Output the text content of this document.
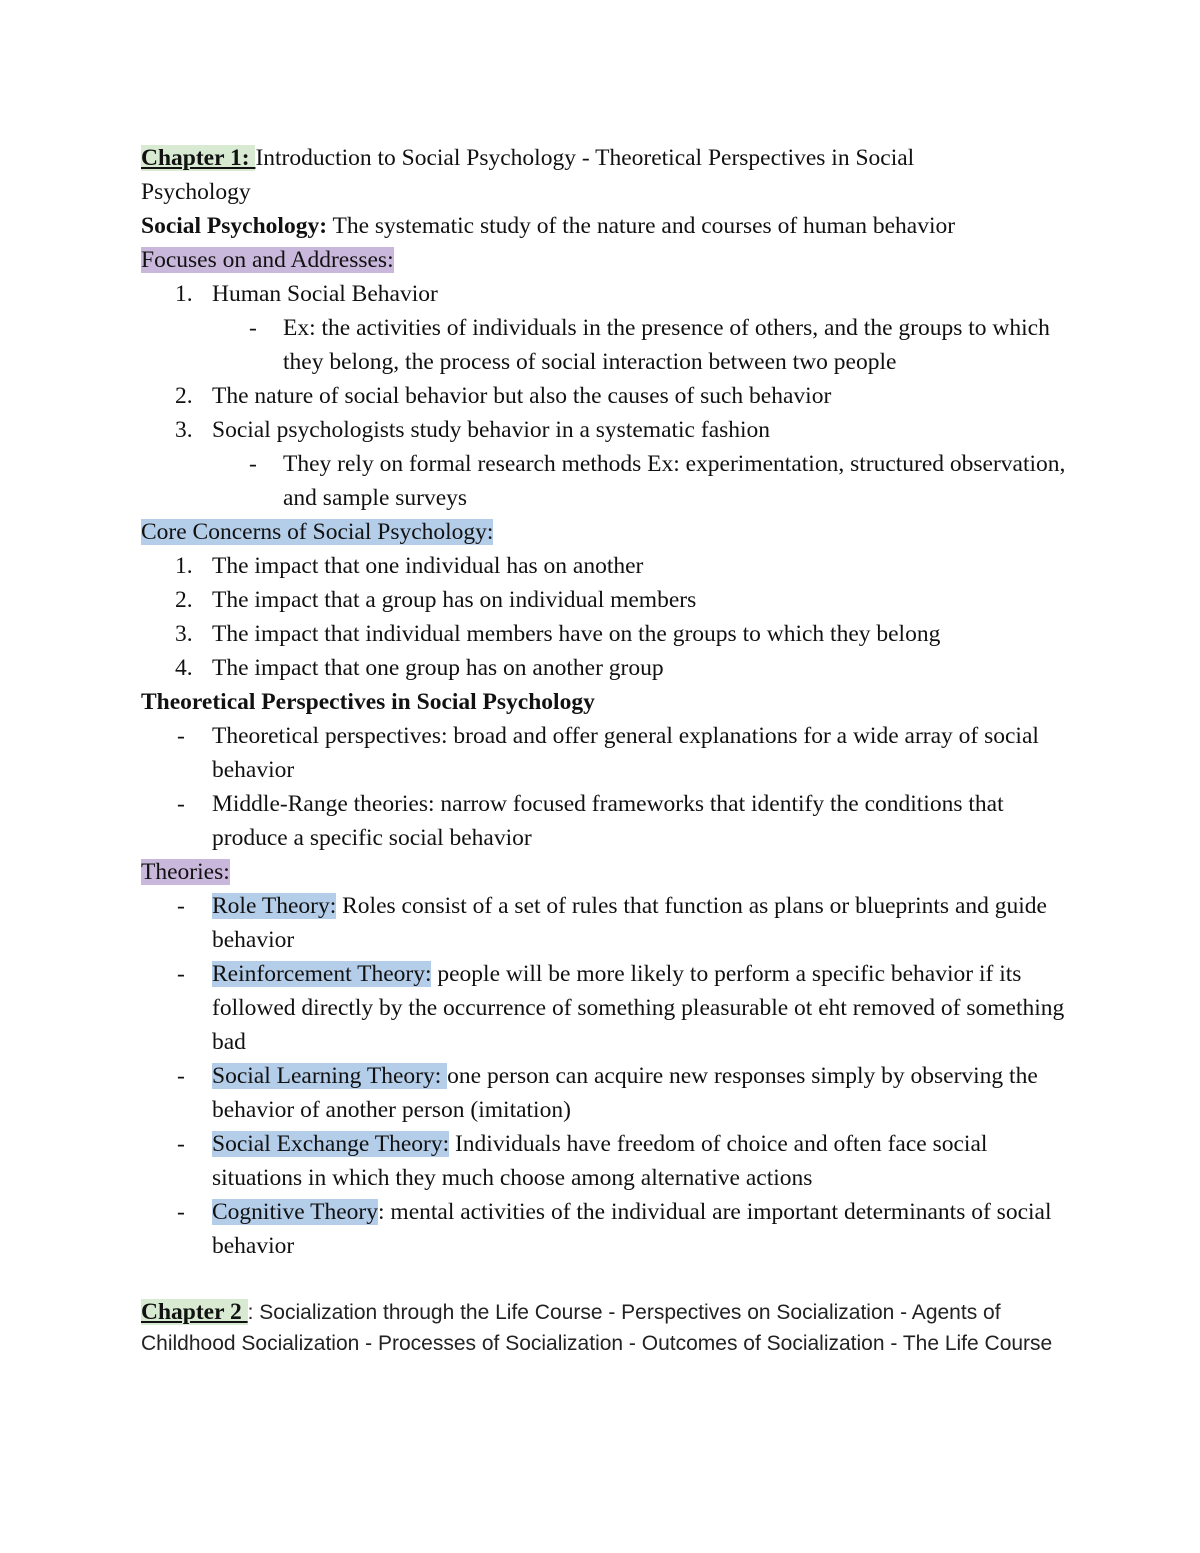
Chapter 1: Introduction to Social Psychology - Theoretical Perspectives in Social

Psychology

Social Psychology: The systematic study of the nature and courses of human behavior

Focuses on and Addresses:

1. Human Social Behavior

- Ex: the activities of individuals in the presence of others, and the groups to which they belong, the process of social interaction between two people

2. The nature of social behavior but also the causes of such behavior

3. Social psychologists study behavior in a systematic fashion

- They rely on formal research methods Ex: experimentation, structured observation, and sample surveys

Core Concerns of Social Psychology:

1. The impact that one individual has on another

2. The impact that a group has on individual members

3. The impact that individual members have on the groups to which they belong

4. The impact that one group has on another group

Theoretical Perspectives in Social Psychology

- Theoretical perspectives: broad and offer general explanations for a wide array of social behavior

- Middle-Range theories: narrow focused frameworks that identify the conditions that produce a specific social behavior

Theories:

- Role Theory: Roles consist of a set of rules that function as plans or blueprints and guide behavior

- Reinforcement Theory: people will be more likely to perform a specific behavior if its followed directly by the occurrence of something pleasurable ot eht removed of something bad

- Social Learning Theory: one person can acquire new responses simply by observing the behavior of another person (imitation)

- Social Exchange Theory: Individuals have freedom of choice and often face social situations in which they much choose among alternative actions

- Cognitive Theory: mental activities of the individual are important determinants of social behavior

Chapter 2 : Socialization through the Life Course - Perspectives on Socialization - Agents of Childhood Socialization - Processes of Socialization - Outcomes of Socialization - The Life Course
